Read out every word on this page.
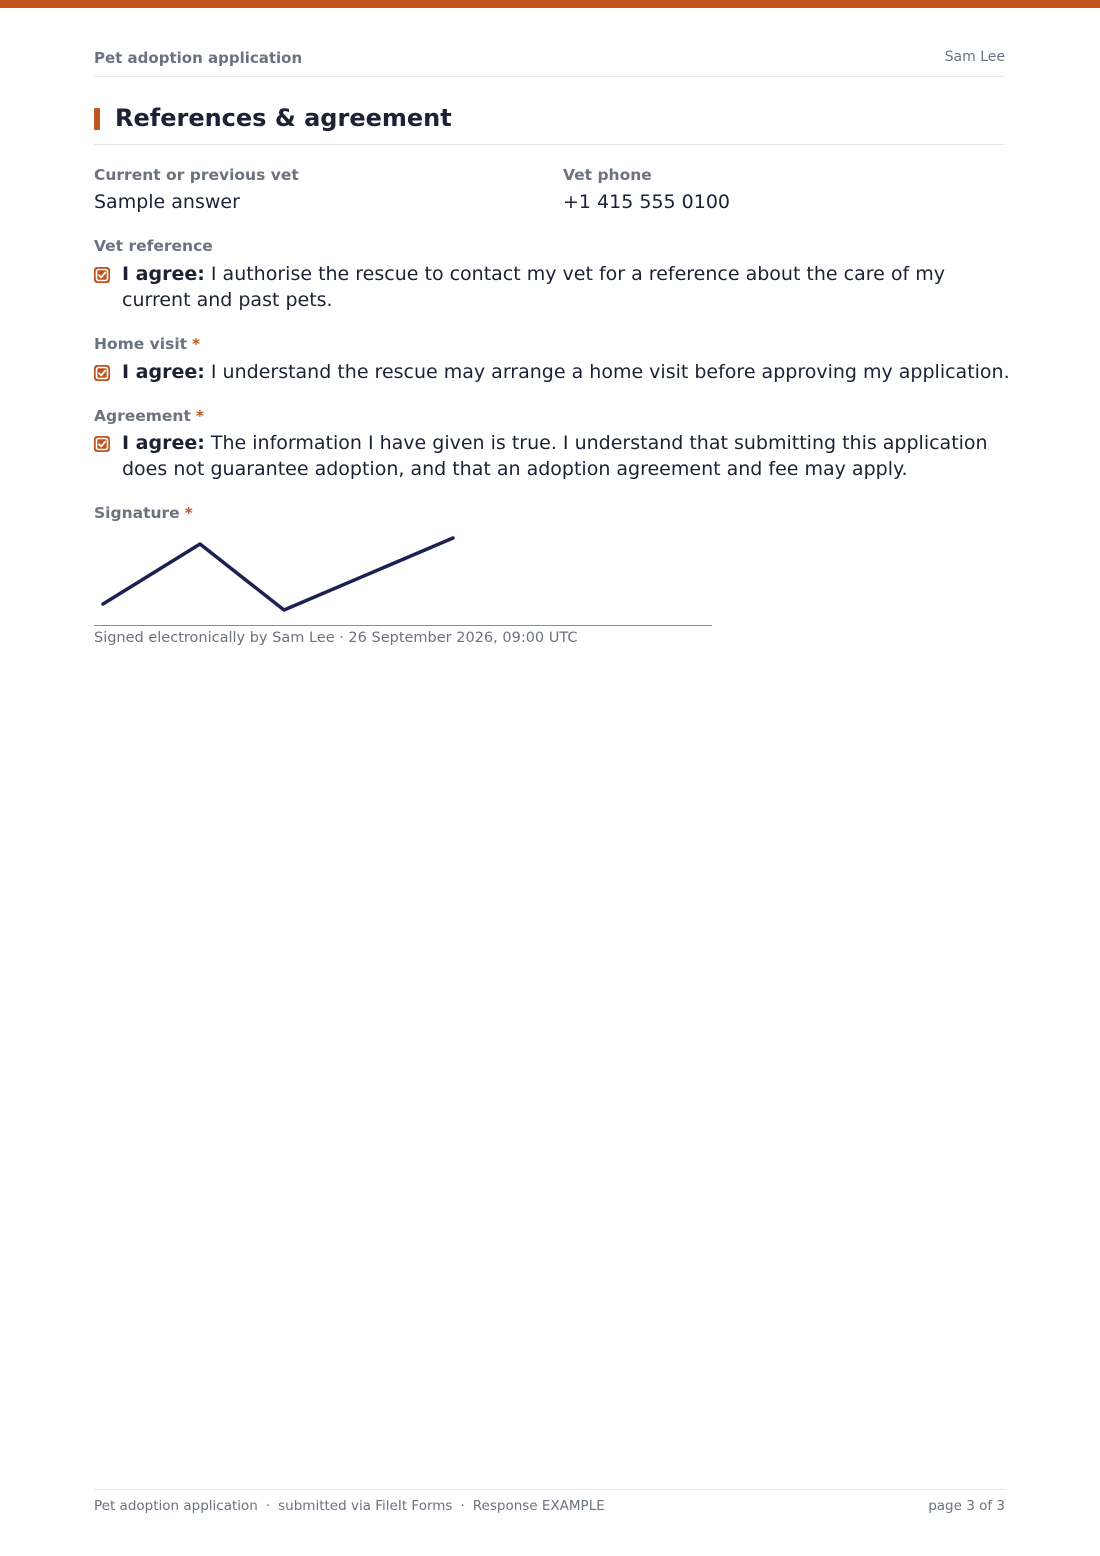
Pet adoption application	Sam Lee
References & agreement
Current or previous vet
Sample answer
Vet phone
+1 415 555 0100
Vet reference
I agree: I authorise the rescue to contact my vet for a reference about the care of my current and past pets.
Home visit *
I agree: I understand the rescue may arrange a home visit before approving my application.
Agreement *
I agree: The information I have given is true. I understand that submitting this application does not guarantee adoption, and that an adoption agreement and fee may apply.
Signature *
Signed electronically by Sam Lee · 26 September 2026, 09:00 UTC
Pet adoption application · submitted via FileIt Forms · Response EXAMPLE	page 3 of 3
